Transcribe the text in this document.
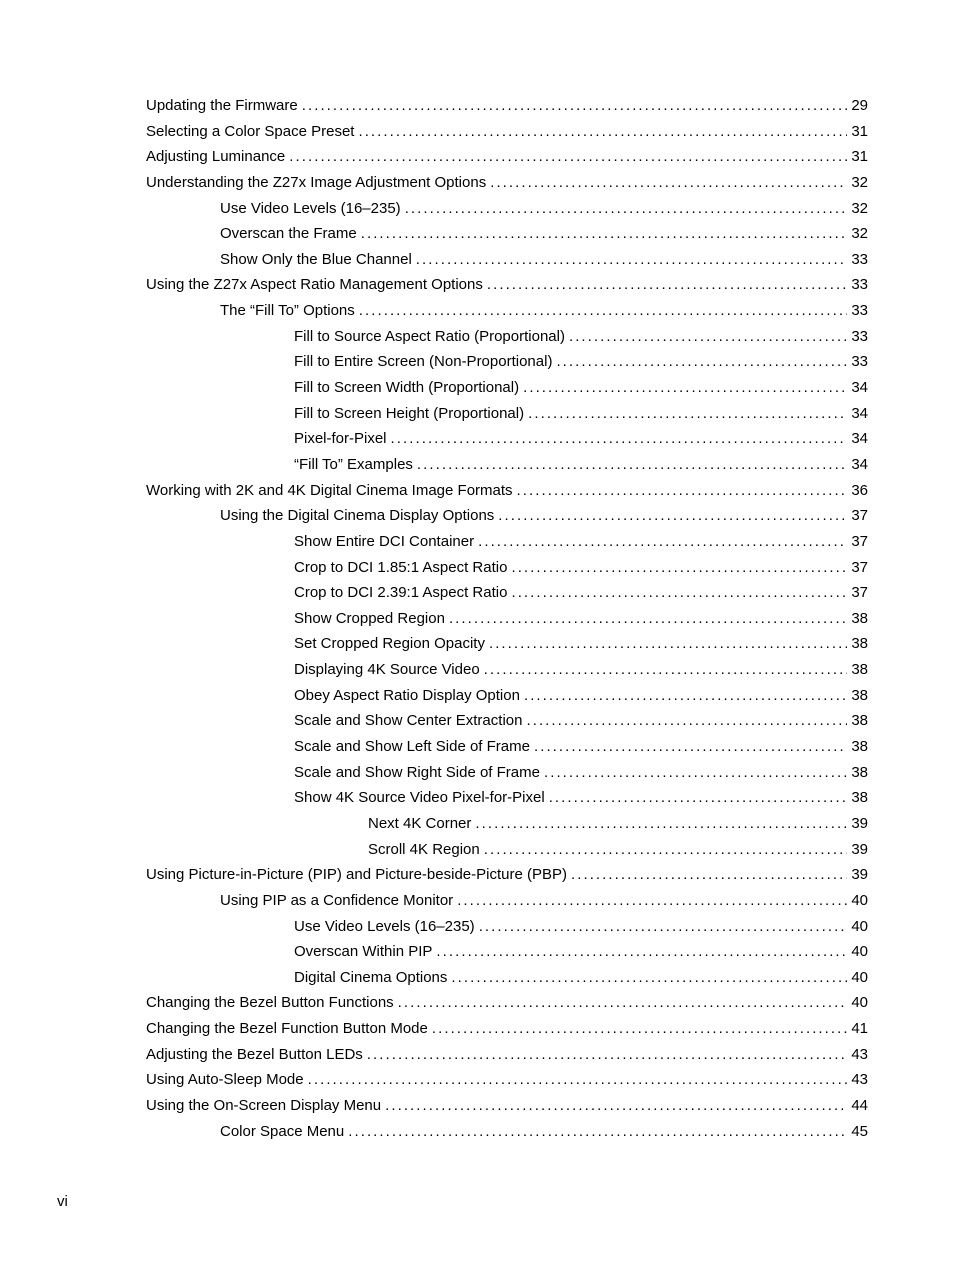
Updating the Firmware . . .	29
Selecting a Color Space Preset . . .	31
Adjusting Luminance . . .	31
Understanding the Z27x Image Adjustment Options . . .	32
Use Video Levels (16–235) . . .	32
Overscan the Frame . . .	32
Show Only the Blue Channel . . .	33
Using the Z27x Aspect Ratio Management Options . . .	33
The “Fill To” Options . . .	33
Fill to Source Aspect Ratio (Proportional) . . .	33
Fill to Entire Screen (Non-Proportional) . . .	33
Fill to Screen Width (Proportional) . . .	34
Fill to Screen Height (Proportional) . . .	34
Pixel-for-Pixel . . .	34
“Fill To” Examples . . .	34
Working with 2K and 4K Digital Cinema Image Formats . . .	36
Using the Digital Cinema Display Options . . .	37
Show Entire DCI Container . . .	37
Crop to DCI 1.85:1 Aspect Ratio . . .	37
Crop to DCI 2.39:1 Aspect Ratio . . .	37
Show Cropped Region . . .	38
Set Cropped Region Opacity . . .	38
Displaying 4K Source Video . . .	38
Obey Aspect Ratio Display Option . . .	38
Scale and Show Center Extraction . . .	38
Scale and Show Left Side of Frame . . .	38
Scale and Show Right Side of Frame . . .	38
Show 4K Source Video Pixel-for-Pixel . . .	38
Next 4K Corner . . .	39
Scroll 4K Region . . .	39
Using Picture-in-Picture (PIP) and Picture-beside-Picture (PBP) . . .	39
Using PIP as a Confidence Monitor . . .	40
Use Video Levels (16–235) . . .	40
Overscan Within PIP . . .	40
Digital Cinema Options . . .	40
Changing the Bezel Button Functions . . .	40
Changing the Bezel Function Button Mode . . .	41
Adjusting the Bezel Button LEDs . . .	43
Using Auto-Sleep Mode . . .	43
Using the On-Screen Display Menu . . .	44
Color Space Menu . . .	45
vi
